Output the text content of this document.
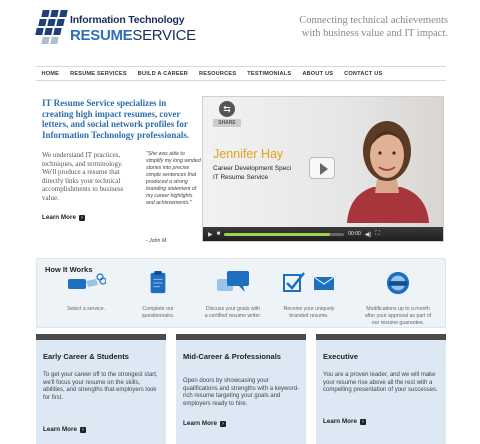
Information Technology
RESUMESERVICE
Connecting technical achievements
with business value and IT impact.
HOME	RESUME SERVICES	BUILD A CAREER	RESOURCES	TESTIMONIALS	ABOUT US	CONTACT US
IT Resume Service specializes in creating high impact resumes, cover letters, and social network profiles for Information Technology professionals.
We understand IT practices, techniques, and terminology. We'll produce a resume that directly links your technical accomplishments to business value.
Learn More	›
"She was able to simplify my long winded stories into precise simple sentences that produced a strong branding statement of my career highlights and achievements."
- John M.
⇆
SHARE
Jennifer Hay
Career Development Speci
IT Resume Service
▶ ■	00:00 ◀) ⛶
How It Works
Select a service.	Complete our
questionnaire.
Discuss your goals with
a certified resume writer.
Receive your uniquely
branded resume.
Modifications up to a month
after your approval as part of
our resume guarantee.
Early Career & Students
To get your career off to the strongest start, we'll focus your resume on the skills, abilities, and strengths that employers look for first.
Learn More	›
Mid-Career & Professionals
Open doors by showcasing your qualifications and strengths with a keyword-rich resume targeting your goals and employers ready to hire.
Learn More	›
Executive
You are a proven leader, and we will make your resume rise above all the rest with a compelling presentation of your successes.
Learn More	›
